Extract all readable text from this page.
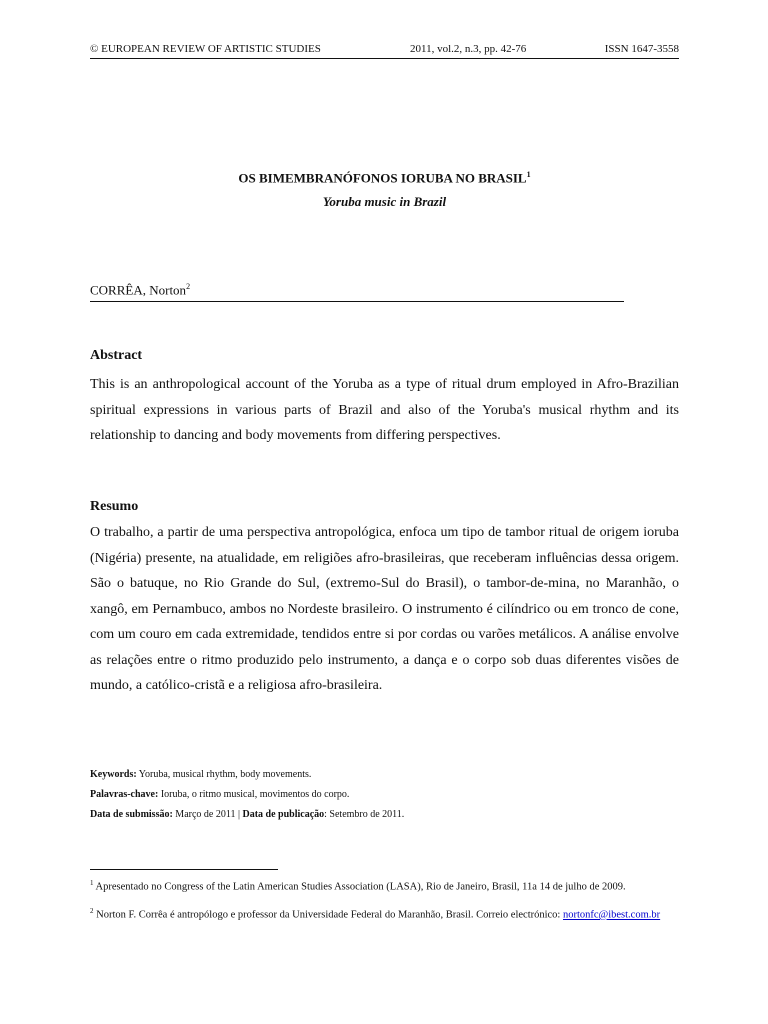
© EUROPEAN REVIEW OF ARTISTIC STUDIES	2011, vol.2, n.3, pp. 42-76	ISSN 1647-3558

OS BIMEMBRANÓFONOS IORUBA NO BRASIL$^1$

Yoruba music in Brazil

CORRÊA, Norton$^2$
Abstract

This is an anthropological account of the Yoruba as a type of ritual drum employed in Afro-Brazilian spiritual expressions in various parts of Brazil and also of the Yoruba's musical rhythm and its relationship to dancing and body movements from differing perspectives.

Resumo

O trabalho, a partir de uma perspectiva antropológica, enfoca um tipo de tambor ritual de origem ioruba (Nigéria) presente, na atualidade, em religiões afro-brasileiras, que receberam influências dessa origem. São o batuque, no Rio Grande do Sul, (extremo-Sul do Brasil), o tambor-de-mina, no Maranhão, o xangô, em Pernambuco, ambos no Nordeste brasileiro. O instrumento é cilíndrico ou em tronco de cone, com um couro em cada extremidade, tendidos entre si por cordas ou varões metálicos. A análise envolve as relações entre o ritmo produzido pelo instrumento, a dança e o corpo sob duas diferentes visões de mundo, a católico-cristã e a religiosa afro-brasileira.

Keywords: Yoruba, musical rhythm, body movements.

Palavras-chave: Ioruba, o ritmo musical, movimentos do corpo.

Data de submissão: Março de 2011 | Data de publicação: Setembro de 2011.

$^1$ Apresentado no Congress of the Latin American Studies Association (LASA), Rio de Janeiro, Brasil, 11a 14 de julho de 2009.

$^2$ Norton F. Corrêa é antropólogo e professor da Universidade Federal do Maranhão, Brasil. Correio electrónico: nortonfc@ibest.com.br
